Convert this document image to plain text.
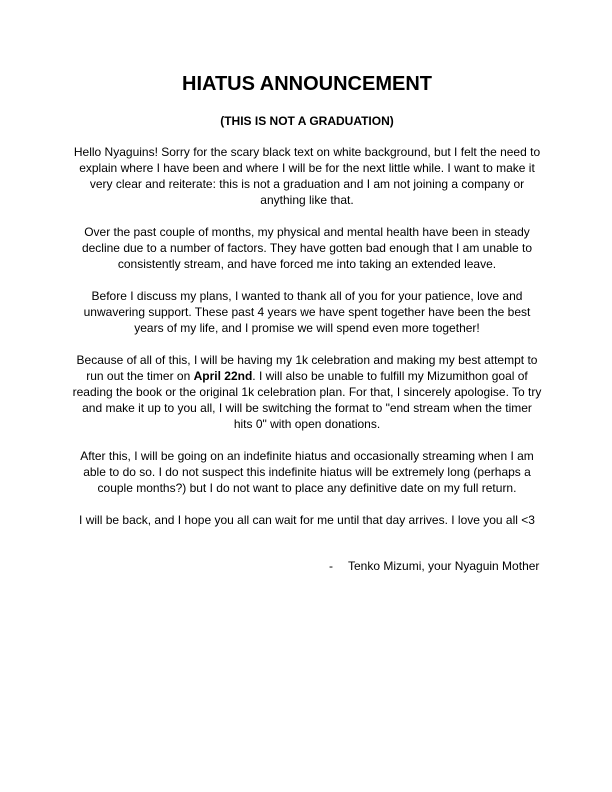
HIATUS ANNOUNCEMENT

(THIS IS NOT A GRADUATION)

Hello Nyaguins! Sorry for the scary black text on white background, but I felt the need to explain where I have been and where I will be for the next little while. I want to make it very clear and reiterate: this is not a graduation and I am not joining a company or anything like that.

Over the past couple of months, my physical and mental health have been in steady decline due to a number of factors. They have gotten bad enough that I am unable to consistently stream, and have forced me into taking an extended leave.

Before I discuss my plans, I wanted to thank all of you for your patience, love and unwavering support. These past 4 years we have spent together have been the best years of my life, and I promise we will spend even more together!

Because of all of this, I will be having my 1k celebration and making my best attempt to run out the timer on April 22nd. I will also be unable to fulfill my Mizumithon goal of reading the book or the original 1k celebration plan. For that, I sincerely apologise. To try and make it up to you all, I will be switching the format to "end stream when the timer hits 0" with open donations.

After this, I will be going on an indefinite hiatus and occasionally streaming when I am able to do so. I do not suspect this indefinite hiatus will be extremely long (perhaps a couple months?) but I do not want to place any definitive date on my full return.

I will be back, and I hope you all can wait for me until that day arrives. I love you all <3

- Tenko Mizumi, your Nyaguin Mother
